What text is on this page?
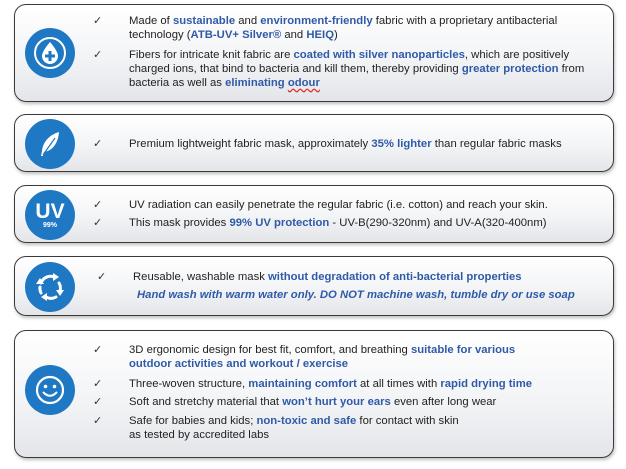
✓	Made of sustainable and environment-friendly fabric with a proprietary antibacterial technology (ATB-UV+ Silver® and HEIQ)
✓	Fibers for intricate knit fabric are coated with silver nanoparticles, which are positively charged ions, that bind to bacteria and kill them, thereby providing greater protection from bacteria as well as eliminating odour
✓	Premium lightweight fabric mask, approximately 35% lighter than regular fabric masks
UV
99%
✓	UV radiation can easily penetrate the regular fabric (i.e. cotton) and reach your skin.
✓	This mask provides 99% UV protection - UV-B(290-320nm) and UV-A(320-400nm)
✓	Reusable, washable mask without degradation of anti-bacterial properties
Hand wash with warm water only. DO NOT machine wash, tumble dry or use soap
✓	3D ergonomic design for best fit, comfort, and breathing suitable for various outdoor activities and workout / exercise
✓	Three-woven structure, maintaining comfort at all times with rapid drying time
✓	Soft and stretchy material that won’t hurt your ears even after long wear
✓	Safe for babies and kids; non-toxic and safe for contact with skin as tested by accredited labs
